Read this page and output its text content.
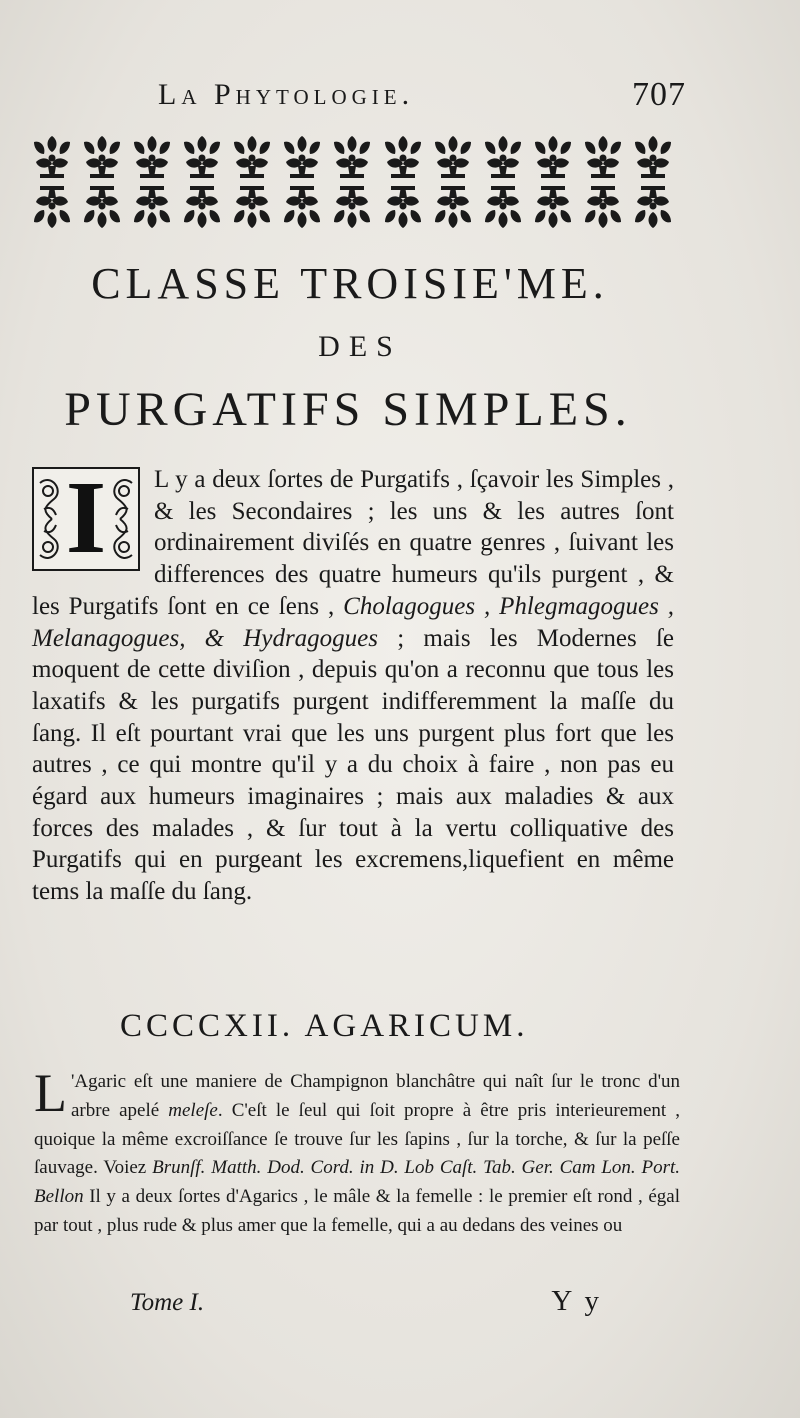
La Phytologie.	707
CLASSE TROISIE'ME.
DES
PURGATIFS SIMPLES.
I	L y a deux ſortes de Purgatifs , ſçavoir les Simples , & les Secondaires ; les uns & les autres ſont ordinairement diviſés en quatre genres , ſuivant les differences des quatre humeurs qu'ils purgent , & les Purgatifs ſont en ce ſens , Cholagogues , Phlegmagogues , Melanagogues, & Hydragogues ; mais les Modernes ſe moquent de cette diviſion , depuis qu'on a reconnu que tous les laxatifs & les purgatifs purgent indifferemment la maſſe du ſang. Il eſt pourtant vrai que les uns purgent plus fort que les autres , ce qui montre qu'il y a du choix à faire , non pas eu égard aux humeurs imaginaires ; mais aux maladies & aux forces des malades , & ſur tout à la vertu colliquative des Purgatifs qui en purgeant les excremens,liquefient en même tems la maſſe du ſang.
CCCCXII. AGARICUM.
L 'Agaric eſt une maniere de Champignon blanchâtre qui naît ſur le tronc d'un arbre apelé meleſe. C'eſt le ſeul qui ſoit propre à être pris interieurement , quoique la même excroiſſance ſe trouve ſur les ſapins , ſur la torche, & ſur la peſſe ſauvage. Voiez Brunſf. Matth. Dod. Cord. in D. Lob Caſt. Tab. Ger. Cam Lon. Port. Bellon Il y a deux ſortes d'Agarics , le mâle & la femelle : le premier eſt rond , égal par tout , plus rude & plus amer que la femelle, qui a au dedans des veines ou
Tome I.	Y y
